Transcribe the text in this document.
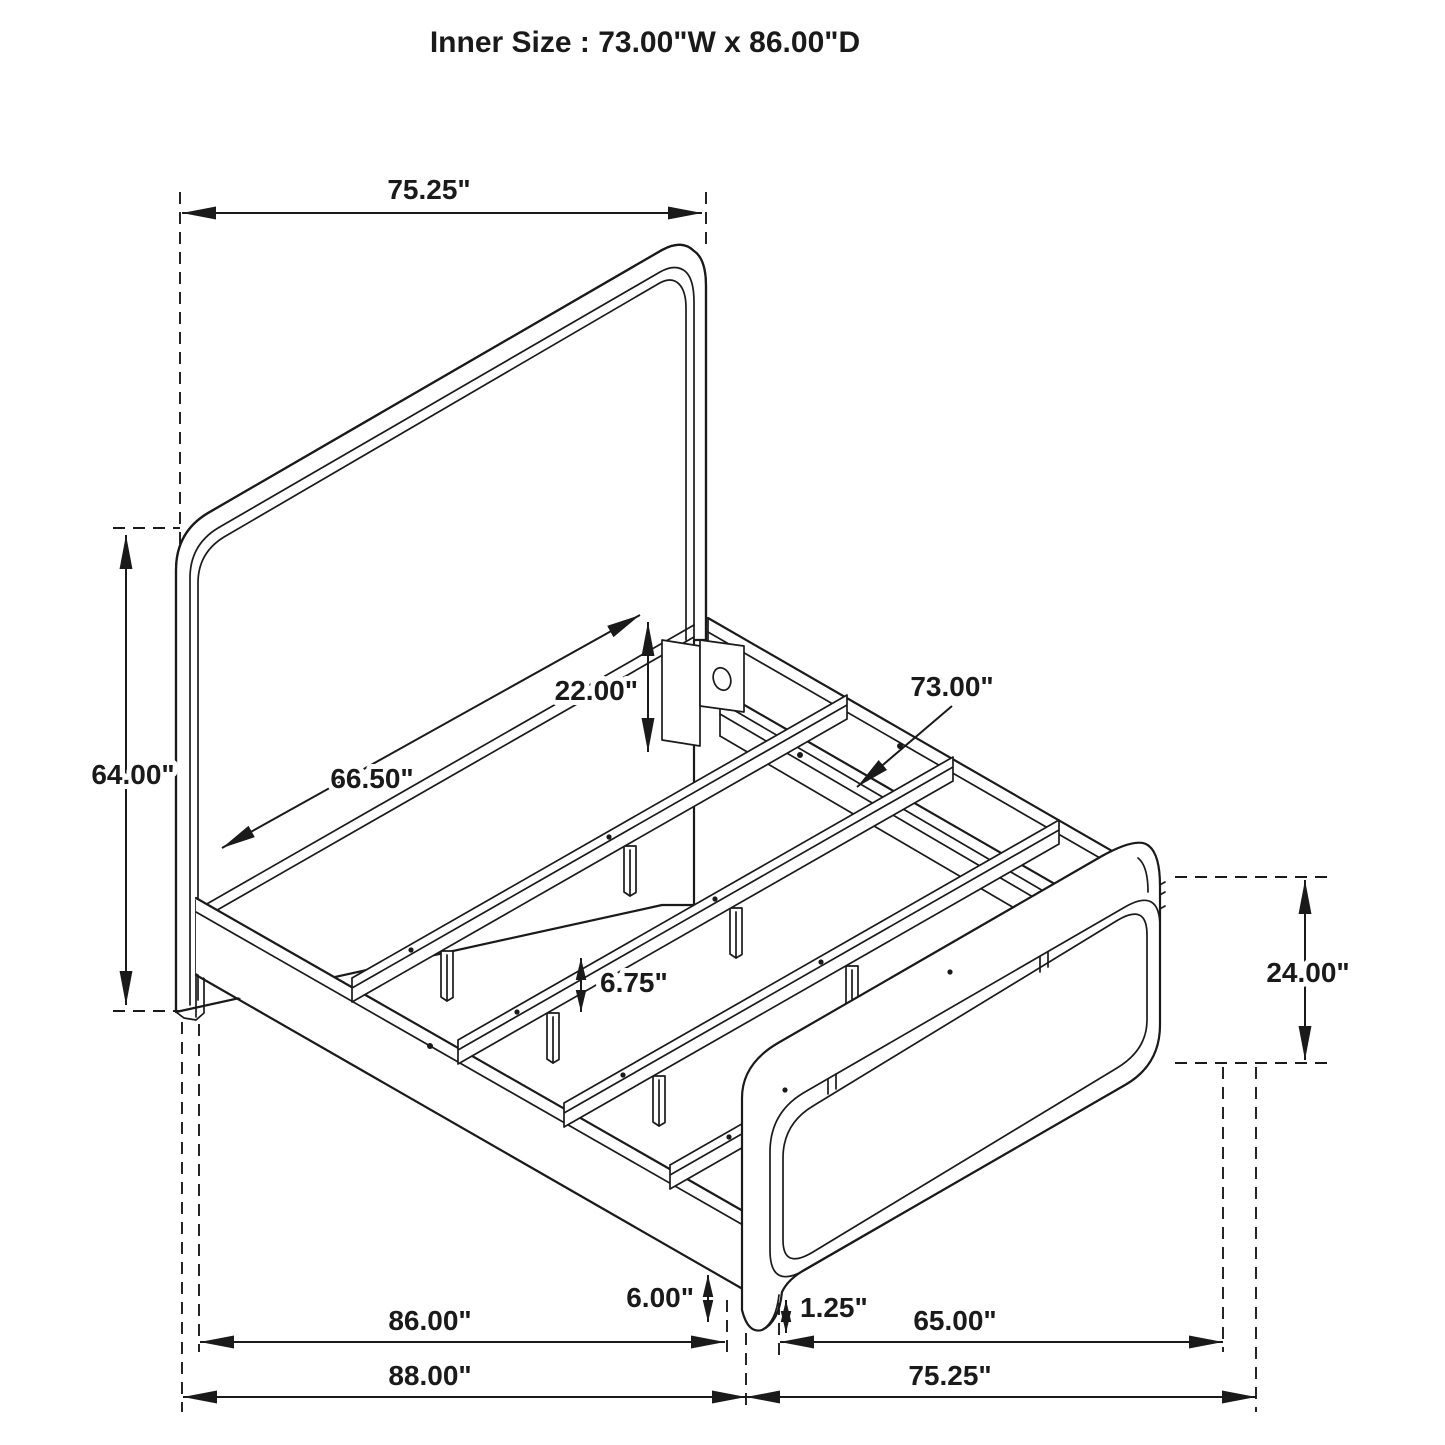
75.25"
64.00"	66.50"
22.00"	73.00"
6.75"	24.00"
6.00"
86.00"
88.00"
65.00"
75.25"
1.25"
Inner Size : 73.00"W x 86.00"D
